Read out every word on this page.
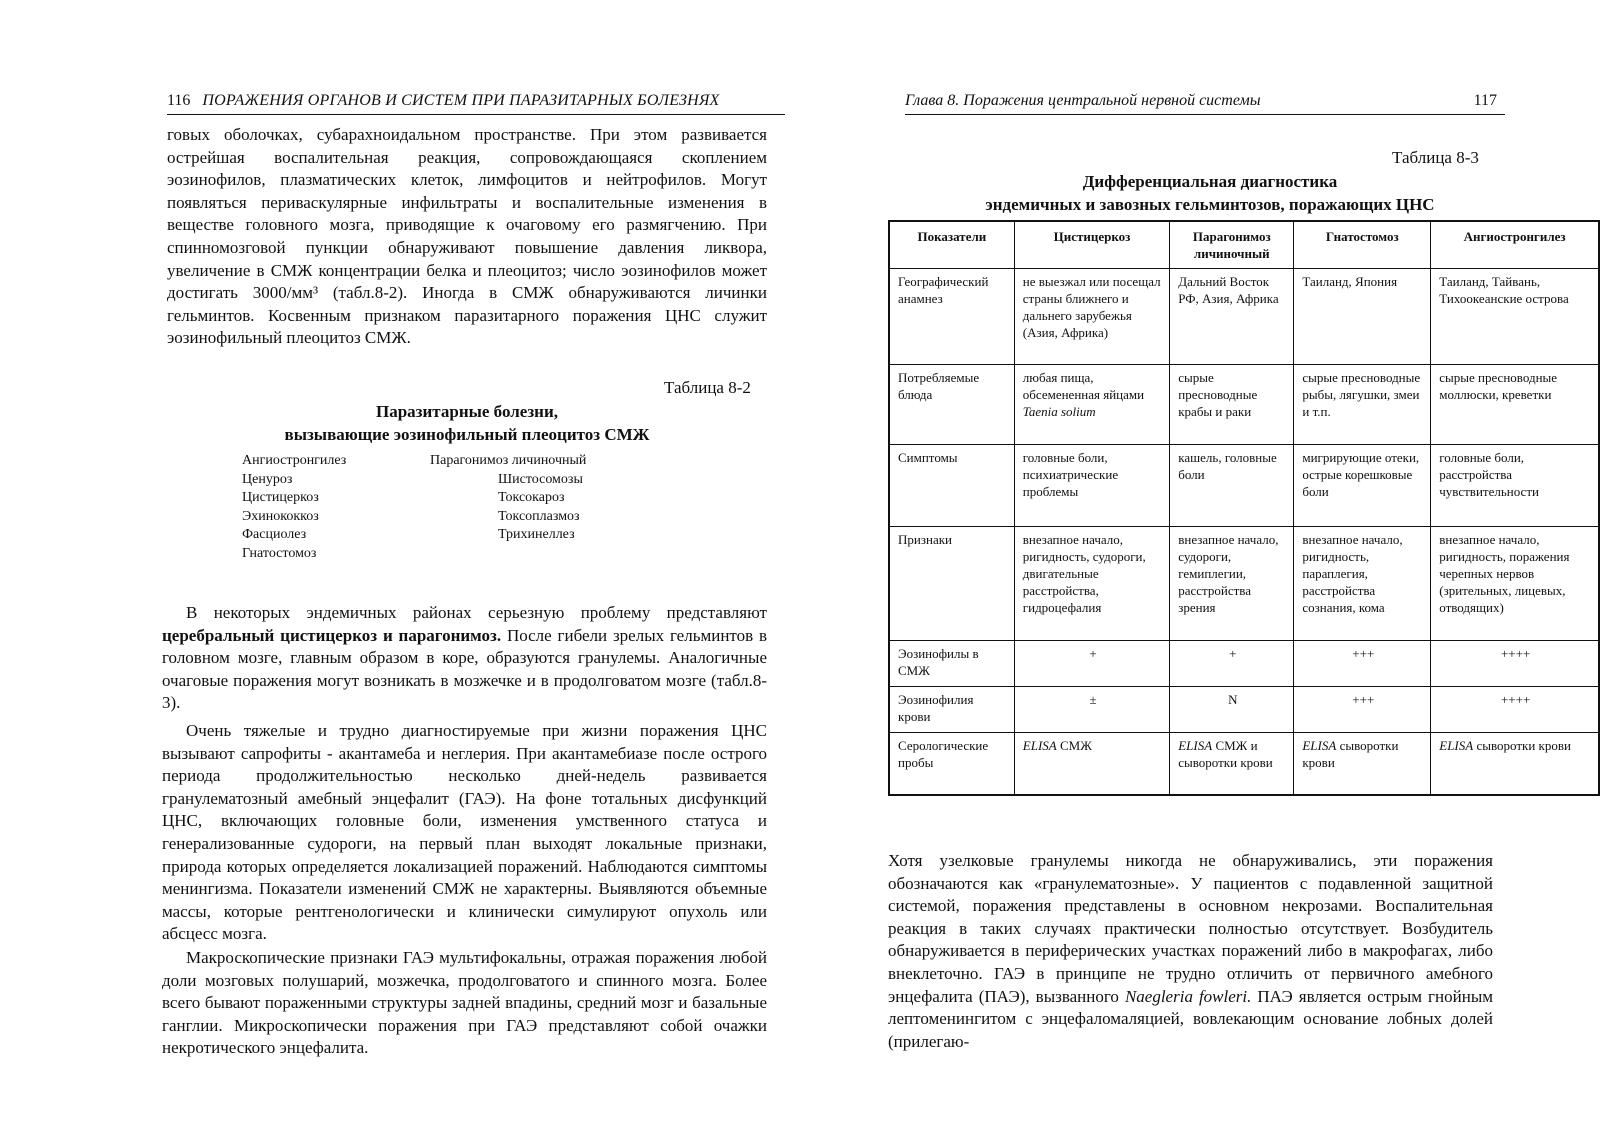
116 ПОРАЖЕНИЯ ОРГАНОВ И СИСТЕМ ПРИ ПАРАЗИТАРНЫХ БОЛЕЗНЯХ

говых оболочках, субарахноидальном пространстве. При этом развивается острейшая воспалительная реакция, сопровождающаяся скоплением эозинофилов, плазматических клеток, лимфоцитов и нейтрофилов. Могут появляться периваскулярные инфильтраты и воспалительные изменения в веществе головного мозга, приводящие к очаговому его размягчению. При спинномозговой пункции обнаруживают повышение давления ликвора, увеличение в СМЖ концентрации белка и плеоцитоз; число эозинофилов может достигать 3000/мм³ (табл.8-2). Иногда в СМЖ обнаруживаются личинки гельминтов. Косвенным признаком паразитарного поражения ЦНС служит эозинофильный плеоцитоз СМЖ.

Таблица 8-2
Паразитарные болезни,
вызывающие эозинофильный плеоцитоз СМЖ
Ангиостронгилез
Ценуроз
Цистицеркоз
Эхинококкоз
Фасциолез
Гнатостомоз
Парагонимоз личиночный
Шистосомозы
Токсокароз
Токсоплазмоз
Трихинеллез

В некоторых эндемичных районах серьезную проблему представляют церебральный цистицеркоз и парагонимоз. После гибели зрелых гельминтов в головном мозге, главным образом в коре, образуются гранулемы. Аналогичные очаговые поражения могут возникать в мозжечке и в продолговатом мозге (табл.8-3).

Очень тяжелые и трудно диагностируемые при жизни поражения ЦНС вызывают сапрофиты - акантамеба и неглерия. При акантамебиазе после острого периода продолжительностью несколько дней-недель развивается гранулематозный амебный энцефалит (ГАЭ). На фоне тотальных дисфункций ЦНС, включающих головные боли, изменения умственного статуса и генерализованные судороги, на первый план выходят локальные признаки, природа которых определяется локализацией поражений. Наблюдаются симптомы менингизма. Показатели изменений СМЖ не характерны. Выявляются объемные массы, которые рентгенологически и клинически симулируют опухоль или абсцесс мозга.

Макроскопические признаки ГАЭ мультифокальны, отражая поражения любой доли мозговых полушарий, мозжечка, продолговатого и спинного мозга. Более всего бывают пораженными структуры задней впадины, средний мозг и базальные ганглии. Микроскопически поражения при ГАЭ представляют собой очажки некротического энцефалита.

Глава 8. Поражения центральной нервной системы	117
Таблица 8-3
Дифференциальная диагностика
эндемичных и завозных гельминтозов, поражающих ЦНС
Показатели	Цистицеркоз	Парагонимоз личиночный	Гнатостомоз	Ангиостронгилез
Географический анамнез	не выезжал или посещал страны ближнего и дальнего зарубежья (Азия, Африка)	Дальний Восток РФ, Азия, Африка	Таиланд, Япония	Таиланд, Тайвань, Тихоокеанские острова
Потребляемые блюда	любая пища, обсемененная яйцами Taenia solium	сырые пресноводные крабы и раки	сырые пресноводные рыбы, лягушки, змеи и т.п.	сырые пресноводные моллюски, креветки
Симптомы	головные боли, психиатрические проблемы	кашель, головные боли	мигрирующие отеки, острые корешковые боли	головные боли, расстройства чувствительности
Признаки	внезапное начало, ригидность, судороги, двигательные расстройства, гидроцефалия	внезапное начало, судороги, гемиплегии, расстройства зрения	внезапное начало, ригидность, параплегия, расстройства сознания, кома	внезапное начало, ригидность, поражения черепных нервов (зрительных, лицевых, отводящих)
Эозинофилы в СМЖ	+	+	+++	++++
Эозинофилия крови	±	N	+++	++++
Серологические пробы	ELISA СМЖ	ELISA СМЖ и сыворотки крови	ELISA сыворотки крови	ELISA сыворотки крови

Хотя узелковые гранулемы никогда не обнаруживались, эти поражения обозначаются как «гранулематозные». У пациентов с подавленной защитной системой, поражения представлены в основном некрозами. Воспалительная реакция в таких случаях практически полностью отсутствует. Возбудитель обнаруживается в периферических участках поражений либо в макрофагах, либо внеклеточно. ГАЭ в принципе не трудно отличить от первичного амебного энцефалита (ПАЭ), вызванного Naegleria fowleri. ПАЭ является острым гнойным лептоменингитом с энцефаломаляцией, вовлекающим основание лобных долей (прилегаю-
